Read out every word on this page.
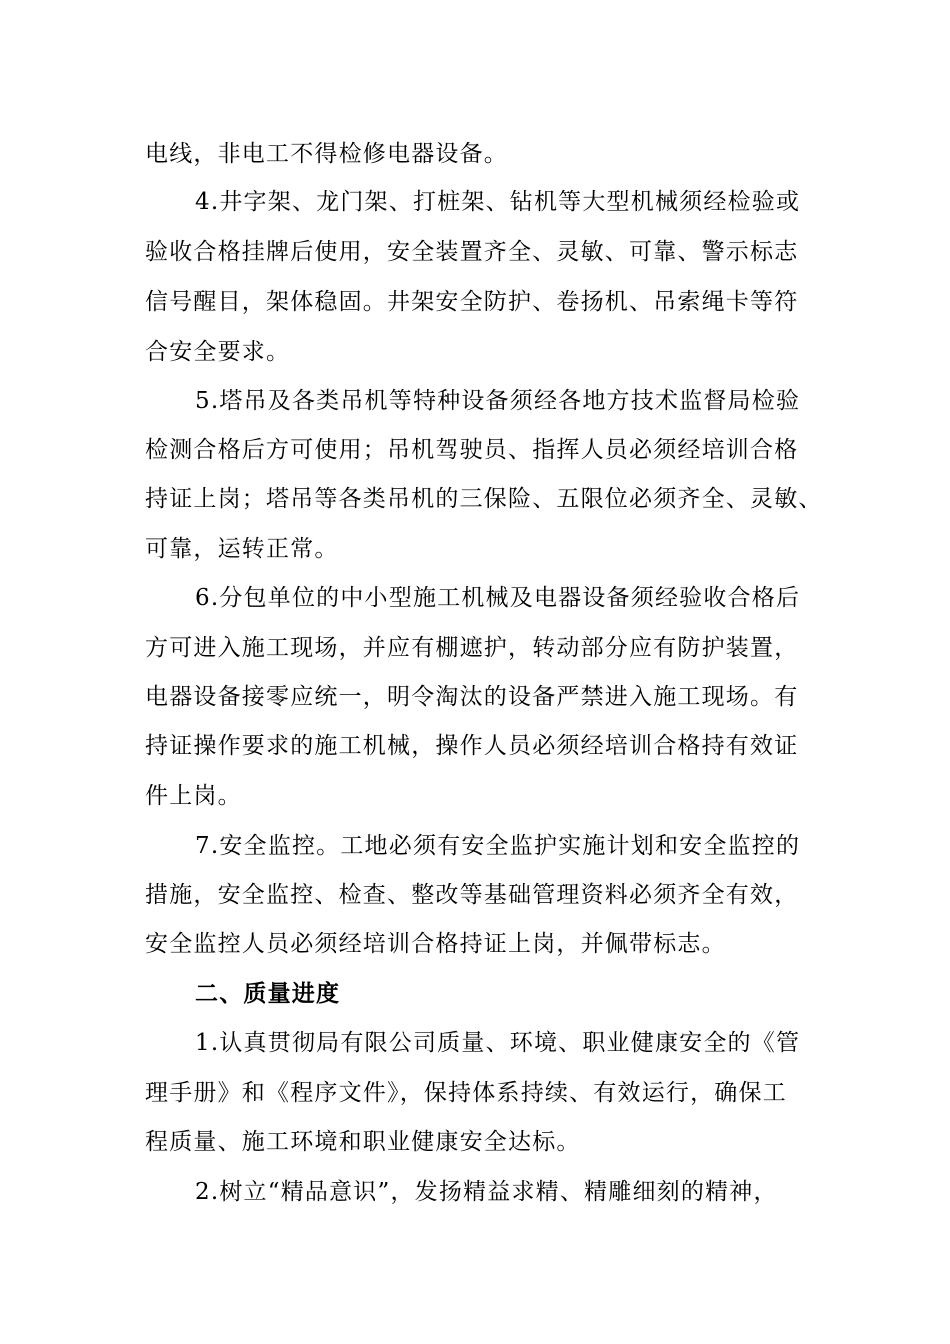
电线，非电工不得检修电器设备。

4.井字架、龙门架、打桩架、钻机等大型机械须经检验或

验收合格挂牌后使用，安全装置齐全、灵敏、可靠、警示标志

信号醒目，架体稳固。井架安全防护、卷扬机、吊索绳卡等符

合安全要求。

5.塔吊及各类吊机等特种设备须经各地方技术监督局检验

检测合格后方可使用；吊机驾驶员、指挥人员必须经培训合格

持证上岗；塔吊等各类吊机的三保险、五限位必须齐全、灵敏、

可靠，运转正常。

6.分包单位的中小型施工机械及电器设备须经验收合格后

方可进入施工现场，并应有棚遮护，转动部分应有防护装置，

电器设备接零应统一，明令淘汰的设备严禁进入施工现场。有

持证操作要求的施工机械，操作人员必须经培训合格持有效证

件上岗。

7.安全监控。工地必须有安全监护实施计划和安全监控的

措施，安全监控、检查、整改等基础管理资料必须齐全有效，

安全监控人员必须经培训合格持证上岗，并佩带标志。

二、质量进度

1.认真贯彻局有限公司质量、环境、职业健康安全的《管

理手册》和《程序文件》，保持体系持续、有效运行，确保工

程质量、施工环境和职业健康安全达标。

2.树立“精品意识”，发扬精益求精、精雕细刻的精神，
